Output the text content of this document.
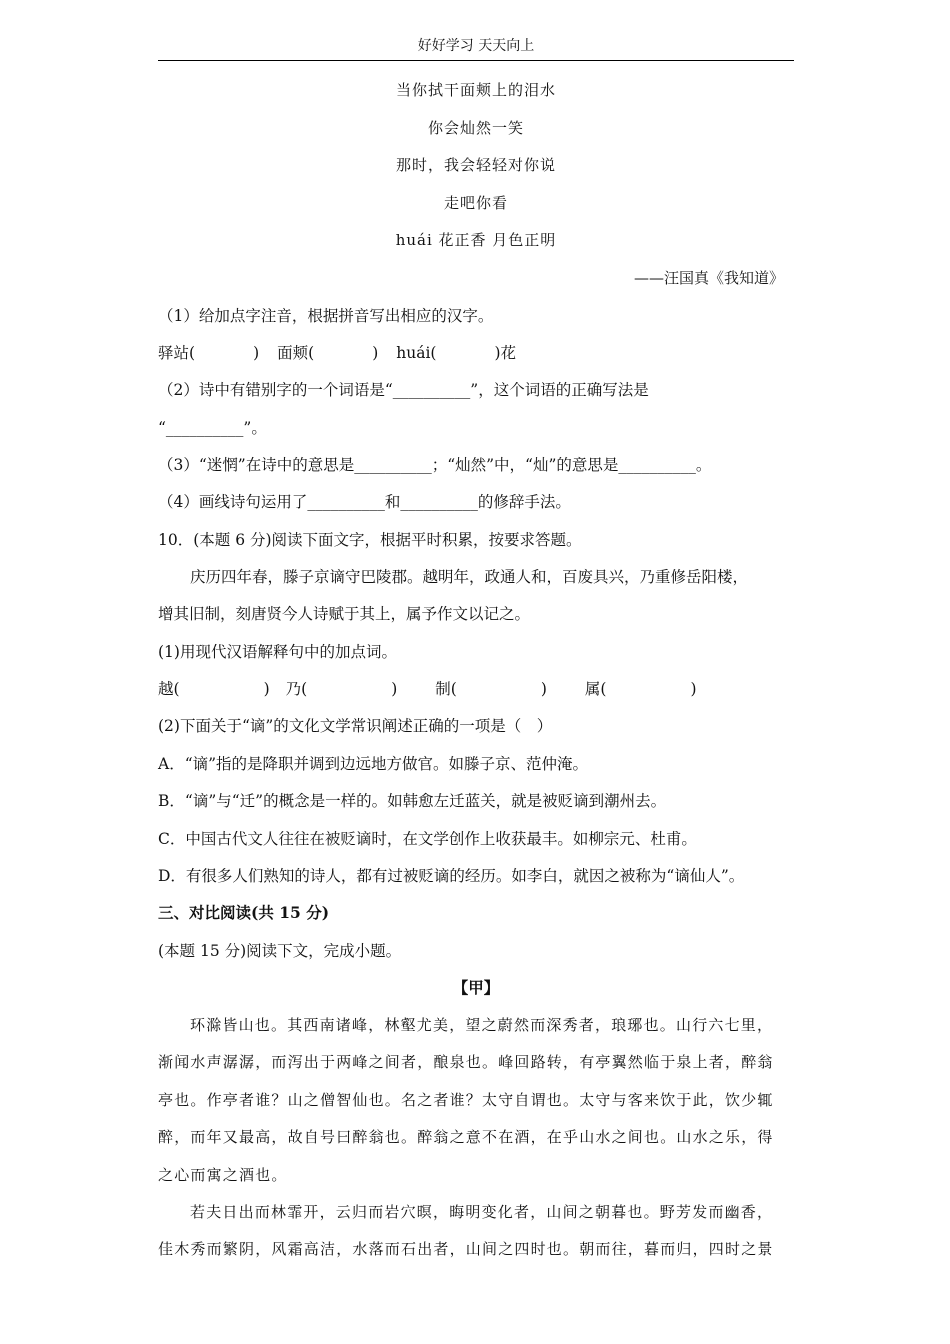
好好学习 天天向上
当你拭干面颊上的泪水
你会灿然一笑
那时，我会轻轻对你说
走吧你看
huái 花正香 月色正明
——汪国真《我知道》
（1）给加点字注音，根据拼音写出相应的汉字。
驿站(	) 面颊(	) huái(	)花
（2）诗中有错别字的一个词语是“__________”，这个词语的正确写法是
“__________”。
（3）“迷惘”在诗中的意思是__________；“灿然”中，“灿”的意思是__________。
（4）画线诗句运用了__________和__________的修辞手法。
10．(本题 6 分)阅读下面文字，根据平时积累，按要求答题。
庆历四年春，滕子京谪守巴陵郡。越明年，政通人和，百废具兴，乃重修岳阳楼，
增其旧制，刻唐贤今人诗赋于其上，属予作文以记之。
(1)用现代汉语解释句中的加点词。
越(	) 乃(	) 制(	) 属(	)
(2)下面关于“谪”的文化文学常识阐述正确的一项是（　）
A．“谪”指的是降职并调到边远地方做官。如滕子京、范仲淹。
B．“谪”与“迁”的概念是一样的。如韩愈左迁蓝关，就是被贬谪到潮州去。
C．中国古代文人往往在被贬谪时，在文学创作上收获最丰。如柳宗元、杜甫。
D．有很多人们熟知的诗人，都有过被贬谪的经历。如李白，就因之被称为“谪仙人”。
三、对比阅读(共 15 分)
(本题 15 分)阅读下文，完成小题。
【甲】
环滁皆山也。其西南诸峰，林壑尤美，望之蔚然而深秀者，琅琊也。山行六七里，
渐闻水声潺潺，而泻出于两峰之间者，酿泉也。峰回路转，有亭翼然临于泉上者，醉翁
亭也。作亭者谁？山之僧智仙也。名之者谁？太守自谓也。太守与客来饮于此，饮少辄
醉，而年又最高，故自号曰醉翁也。醉翁之意不在酒，在乎山水之间也。山水之乐，得
之心而寓之酒也。
若夫日出而林霏开，云归而岩穴暝，晦明变化者，山间之朝暮也。野芳发而幽香，
佳木秀而繁阴，风霜高洁，水落而石出者，山间之四时也。朝而往，暮而归，四时之景
